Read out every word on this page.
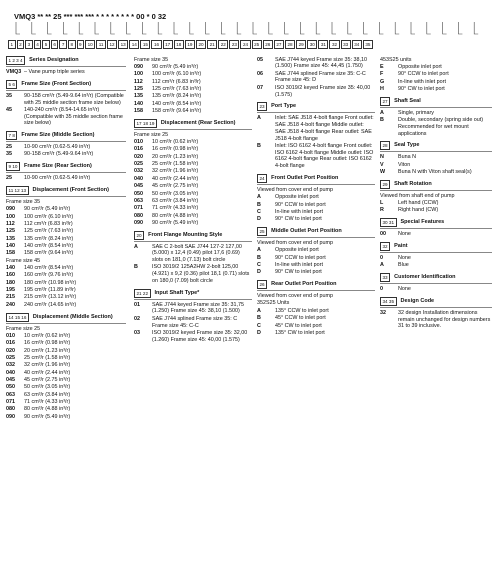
VMQ3 ** ** 25 *** *** *** * * * * * * * * 00 * 0 32
1	2	3	4	5	6	7	8	9	10	11	12	13	14	15	16	17	18	19	20	21	22	23	24	25	26	27	28	29	30	31	32	33	34	35
1 2 3 4	Series Designation
VMQ3 – Vane pump triple series
5 6	Frame Size (Front Section)
35	90-158 cm³/r (5.49-9.64 in³/r) (Compatible with 25 middle section frame size below)
45	140-240 cm³/r (8.54-14.65 in³/r) (Compatible with 35 middle section frame size below)
7 8	Frame Size (Middle Section)
25	10-90 cm³/r (0.62-5.49 in³/r)
35	90-158 cm³/r (5.49-9.64 in³/r)
9 10	Frame Size (Rear Section)
25	10-90 cm³/r (0.62-5.49 in³/r)
11 12 13	Displacement (Front Section)
Frame size 35
090	90 cm³/r (5.49 in³/r)
100	100 cm³/r (6.10 in³/r)
112	112 cm³/r (6.83 in³/r)
125	125 cm³/r (7.63 in³/r)
135	135 cm³/r (8.24 in³/r)
140	140 cm³/r (8.54 in³/r)
158	158 cm³/r (9.64 in³/r)
Frame size 45
140	140 cm³/r (8.54 in³/r)
160	160 cm³/r (9.76 in³/r)
180	180 cm³/r (10.98 in³/r)
195	195 cm³/r (11.89 in³/r)
215	215 cm³/r (13.12 in³/r)
240	240 cm³/r (14.65 in³/r)
14 15 16	Displacement (Middle Section)
Frame size 25
010	10 cm³/r (0.62 in³/r)
016	16 cm³/r (0.98 in³/r)
020	20 cm³/r (1.23 in³/r)
025	25 cm³/r (1.58 in³/r)
032	32 cm³/r (1.96 in³/r)
040	40 cm³/r (2.44 in³/r)
045	45 cm³/r (2.75 in³/r)
050	50 cm³/r (3.05 in³/r)
063	63 cm³/r (3.84 in³/r)
071	71 cm³/r (4.33 in³/r)
080	80 cm³/r (4.88 in³/r)
090	90 cm³/r (5.49 in³/r)
Frame size 35
090	90 cm³/r (5.49 in³/r)
100	100 cm³/r (6.10 in³/r)
112	112 cm³/r (6.83 in³/r)
125	125 cm³/r (7.63 in³/r)
135	135 cm³/r (8.24 in³/r)
140	140 cm³/r (8.54 in³/r)
158	158 cm³/r (9.64 in³/r)
17 18 19	Displacement (Rear Section)
Frame size 25
010	10 cm³/r (0.62 in³/r)
016	16 cm³/r (0.98 in³/r)
020	20 cm³/r (1.23 in³/r)
025	25 cm³/r (1.58 in³/r)
032	32 cm³/r (1.96 in³/r)
040	40 cm³/r (2.44 in³/r)
045	45 cm³/r (2.75 in³/r)
050	50 cm³/r (3.05 in³/r)
063	63 cm³/r (3.84 in³/r)
071	71 cm³/r (4.33 in³/r)
080	80 cm³/r (4.88 in³/r)
090	90 cm³/r (5.49 in³/r)
20	Front Flange Mounting Style
A	SAE C 2-bolt SAE J744 127-2 127,00 (5.000) x 12,4 (0.49) pilot 17,6 (0.69) slots on 181,0 (7.13) bolt circle
B	ISO 3019/2 125A2HW 2-bolt 125,00 (4.921) x 9,2 (0.36) pilot 18,1 (0.71) slots on 180,0 (7.09) bolt circle
21 22	Input Shaft Type*
01	SAE J744 keyed Frame size 35: 31,75 (1.250) Frame size 45: 38,10 (1.500)
02	SAE J744 splined Frame size 35: C Frame size 45: C-C
03	ISO 3019/2 keyed Frame size 35: 32,00 (1.260) Frame size 45: 40,00 (1.575)
05	SAE J744 keyed Frame size 35: 38,10 (1.500) Frame size 45: 44,45 (1.750)
06	SAE J744 splined Frame size 35: C-C Frame size 45: D
07	ISO 3019/2 keyed Frame size 35: 40,00 (1.575)
23	Port Type
A	Inlet: SAE J518 4-bolt flange Front outlet: SAE J518 4-bolt flange Middle outlet: SAE J518 4-bolt flange Rear outlet: SAE J518 4-bolt flange
B	Inlet: ISO 6162 4-bolt flange Front outlet: ISO 6162 4-bolt flange Middle outlet: ISO 6162 4-bolt flange Rear outlet: ISO 6162 4-bolt flange
24	Front Outlet Port Position
Viewed from cover end of pump
A	Opposite inlet port
B	90° CCW to inlet port
C	In-line with inlet port
D	90° CW to inlet port
25	Middle Outlet Port Position
Viewed from cover end of pump
A	Opposite inlet port
B	90° CCW to inlet port
C	In-line with inlet port
D	90° CW to inlet port
26	Rear Outlet Port Position
Viewed from cover end of pump
352S25 Units
A	135° CCW to inlet port
B	45° CCW to inlet port
C	45° CW to inlet port
D	135° CW to inlet port
453S25 units
E	Opposite inlet port
F	90° CCW to inlet port
G	In-line with inlet port
H	90° CW to inlet port
27	Shaft Seal
A	Single, primary
B	Double, secondary (spring side out) Recommended for wet mount applications
28	Seal Type
N	Buna N
V	Viton
W	Buna N with Viton shaft seal(s)
29	Shaft Rotation
Viewed from shaft end of pump
L	Left hand (CCW)
R	Right hand (CW)
30 31	Special Features
00	None
32	Paint
0	None
A	Blue
33	Customer Identification
0	None
34 35	Design Code
32	32 design Installation dimensions remain unchanged for design numbers 31 to 39 inclusive.
